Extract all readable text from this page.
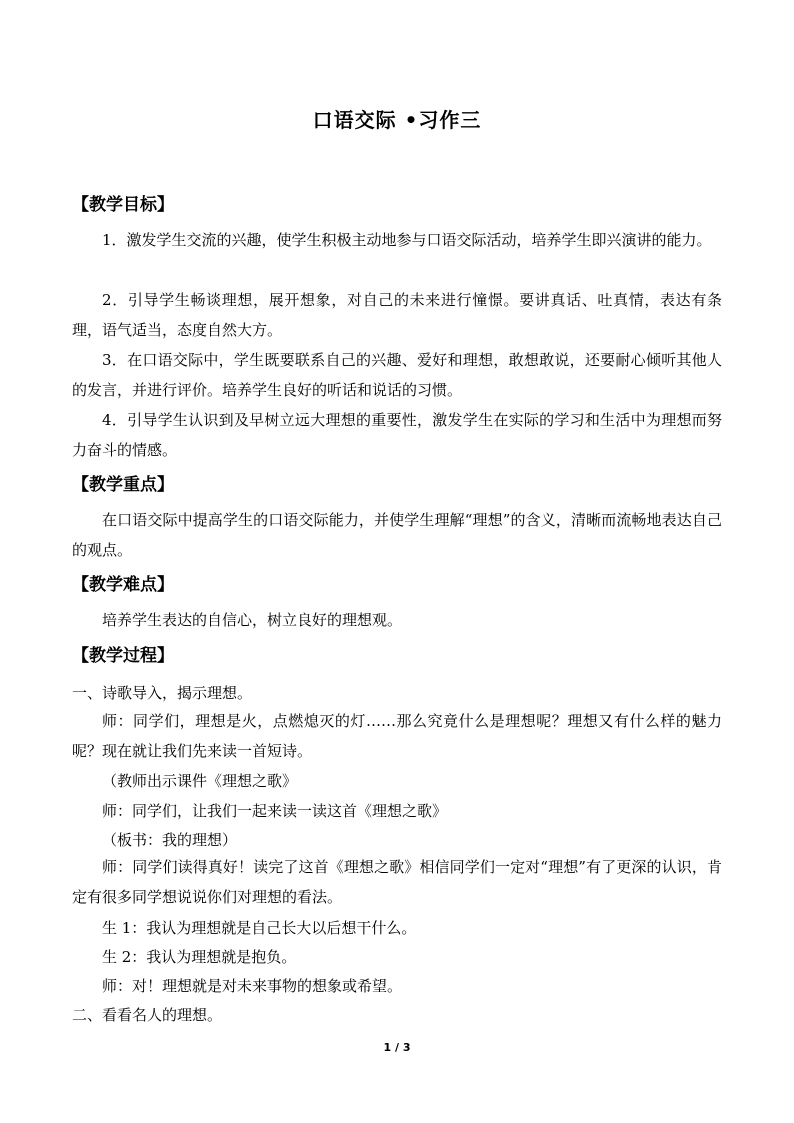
口语交际 •习作三
【教学目标】
1．激发学生交流的兴趣，使学生积极主动地参与口语交际活动，培养学生即兴演讲的能力。
2．引导学生畅谈理想，展开想象，对自己的未来进行憧憬。要讲真话、吐真情，表达有条理，语气适当，态度自然大方。
3．在口语交际中，学生既要联系自己的兴趣、爱好和理想，敢想敢说，还要耐心倾听其他人的发言，并进行评价。培养学生良好的听话和说话的习惯。
4．引导学生认识到及早树立远大理想的重要性，激发学生在实际的学习和生活中为理想而努力奋斗的情感。
【教学重点】
在口语交际中提高学生的口语交际能力，并使学生理解“理想”的含义，清晰而流畅地表达自己的观点。
【教学难点】
培养学生表达的自信心，树立良好的理想观。
【教学过程】
一、诗歌导入，揭示理想。
师：同学们，理想是火，点燃熄灭的灯……那么究竟什么是理想呢？理想又有什么样的魅力呢？现在就让我们先来读一首短诗。
（教师出示课件《理想之歌》
师：同学们，让我们一起来读一读这首《理想之歌》
（板书：我的理想）
师：同学们读得真好！读完了这首《理想之歌》相信同学们一定对“理想”有了更深的认识，肯定有很多同学想说说你们对理想的看法。
生 1：我认为理想就是自己长大以后想干什么。
生 2：我认为理想就是抱负。
师：对！理想就是对未来事物的想象或希望。
二、看看名人的理想。
1 / 3
